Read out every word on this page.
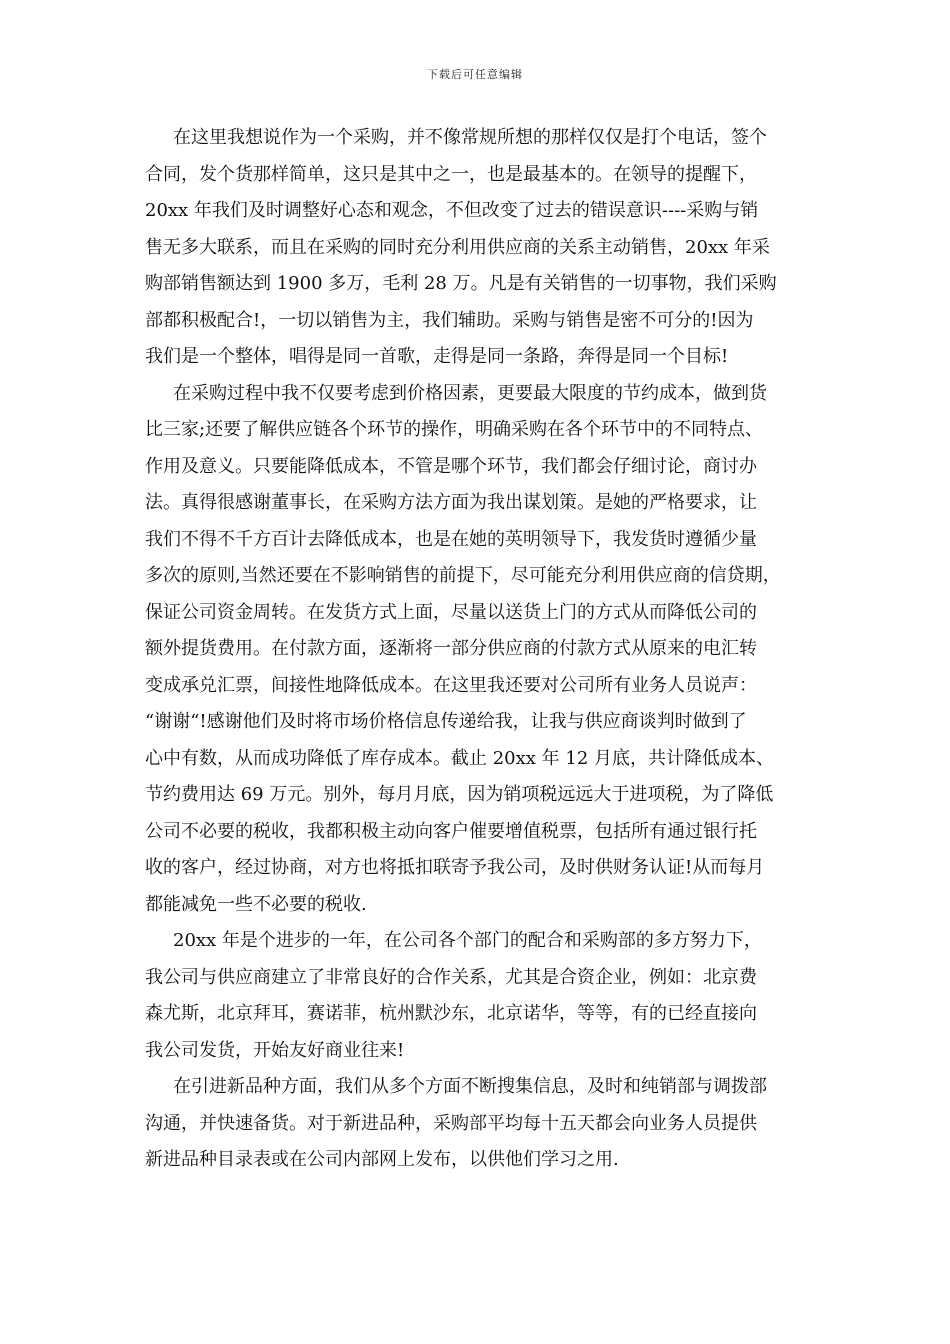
下载后可任意编辑
在这里我想说作为一个采购，并不像常规所想的那样仅仅是打个电话，签个
合同，发个货那样简单，这只是其中之一，也是最基本的。在领导的提醒下，
20xx 年我们及时调整好心态和观念，不但改变了过去的错误意识----采购与销
售无多大联系，而且在采购的同时充分利用供应商的关系主动销售，20xx 年采
购部销售额达到 1900 多万，毛利 28 万。凡是有关销售的一切事物，我们采购
部都积极配合!，一切以销售为主，我们辅助。采购与销售是密不可分的!因为
我们是一个整体，唱得是同一首歌，走得是同一条路，奔得是同一个目标!
在采购过程中我不仅要考虑到价格因素，更要最大限度的节约成本，做到货
比三家;还要了解供应链各个环节的操作，明确采购在各个环节中的不同特点、
作用及意义。只要能降低成本，不管是哪个环节，我们都会仔细讨论，商讨办
法。真得很感谢董事长，在采购方法方面为我出谋划策。是她的严格要求，让
我们不得不千方百计去降低成本，也是在她的英明领导下，我发货时遵循少量
多次的原则,当然还要在不影响销售的前提下，尽可能充分利用供应商的信贷期，
保证公司资金周转。在发货方式上面，尽量以送货上门的方式从而降低公司的
额外提货费用。在付款方面，逐渐将一部分供应商的付款方式从原来的电汇转
变成承兑汇票，间接性地降低成本。在这里我还要对公司所有业务人员说声：
“谢谢“!感谢他们及时将市场价格信息传递给我，让我与供应商谈判时做到了
心中有数，从而成功降低了库存成本。截止 20xx 年 12 月底，共计降低成本、
节约费用达 69 万元。别外，每月月底，因为销项税远远大于进项税，为了降低
公司不必要的税收，我都积极主动向客户催要增值税票，包括所有通过银行托
收的客户，经过协商，对方也将抵扣联寄予我公司，及时供财务认证!从而每月
都能减免一些不必要的税收.
20xx 年是个进步的一年，在公司各个部门的配合和采购部的多方努力下，
我公司与供应商建立了非常良好的合作关系，尤其是合资企业，例如：北京费
森尤斯，北京拜耳，赛诺菲，杭州默沙东，北京诺华，等等，有的已经直接向
我公司发货，开始友好商业往来!
在引进新品种方面，我们从多个方面不断搜集信息，及时和纯销部与调拨部
沟通，并快速备货。对于新进品种，采购部平均每十五天都会向业务人员提供
新进品种目录表或在公司内部网上发布，以供他们学习之用.
